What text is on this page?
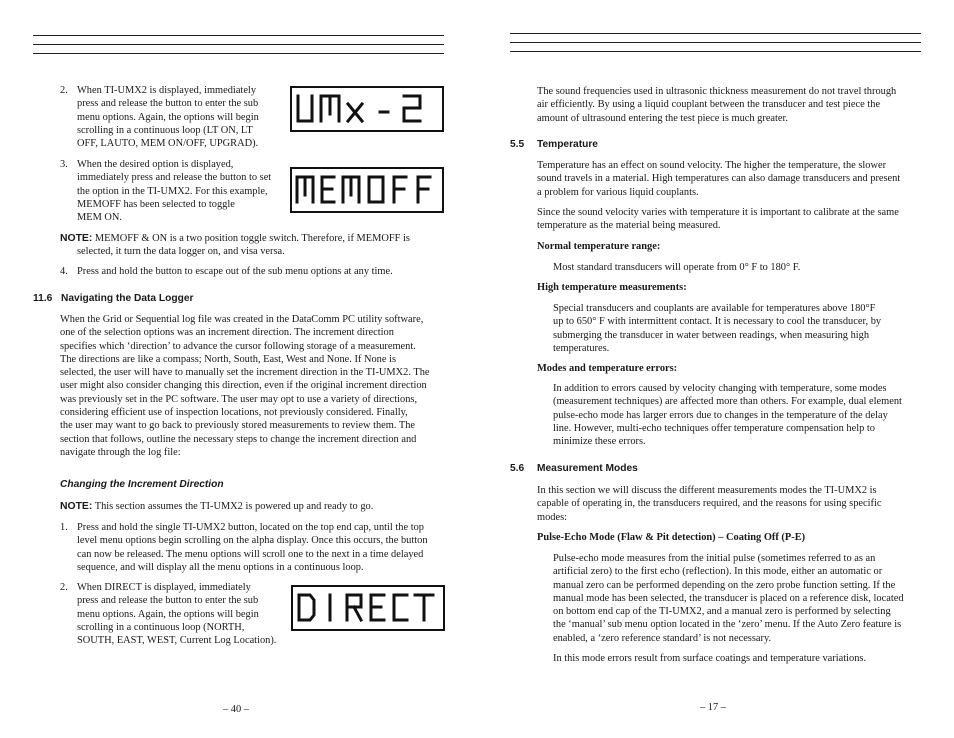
2. When TI-UMX2 is displayed, immediately

press and release the button to enter the sub

menu options. Again, the options will begin

scrolling in a continuous loop (LT ON, LT

OFF, LAUTO, MEM ON/OFF, UPGRAD).

UMX-2
3. When the desired option is displayed,

immediately press and release the button to set

the option in the TI-UMX2. For this example,

MEMOFF has been selected to toggle

MEM ON.

MEMOFF

NOTE: MEMOFF & ON is a two position toggle switch. Therefore, if MEMOFF is

selected, it turn the data logger on, and visa versa.

4. Press and hold the button to escape out of the sub menu options at any time.
11.6 Navigating the Data Logger

When the Grid or Sequential log file was created in the DataComm PC utility software,

one of the selection options was an increment direction. The increment direction

specifies which ‘direction’ to advance the cursor following storage of a measurement.

The directions are like a compass; North, South, East, West and None. If None is

selected, the user will have to manually set the increment direction in the TI-UMX2. The

user might also consider changing this direction, even if the original increment direction

was previously set in the PC software. The user may opt to use a variety of directions,

considering efficient use of inspection locations, not previously considered. Finally,

the user may want to go back to previously stored measurements to review them. The

section that follows, outline the necessary steps to change the increment direction and

navigate through the log file:

Changing the Increment Direction
NOTE: This section assumes the TI-UMX2 is powered up and ready to go.
1. Press and hold the single TI-UMX2 button, located on the top end cap, until the top

level menu options begin scrolling on the alpha display. Once this occurs, the button

can now be released. The menu options will scroll one to the next in a time delayed

sequence, and will display all the menu options in a continuous loop.

2. When DIRECT is displayed, immediately

press and release the button to enter the sub

menu options. Again, the options will begin

scrolling in a continuous loop (NORTH,

SOUTH, EAST, WEST, Current Log Location).

DIRECT
– 40 –

The sound frequencies used in ultrasonic thickness measurement do not travel through

air efficiently. By using a liquid couplant between the transducer and test piece the

amount of ultrasound entering the test piece is much greater.

5.5 Temperature

Temperature has an effect on sound velocity. The higher the temperature, the slower

sound travels in a material. High temperatures can also damage transducers and present

a problem for various liquid couplants.

Since the sound velocity varies with temperature it is important to calibrate at the same

temperature as the material being measured.

Normal temperature range:
Most standard transducers will operate from 0° F to 180° F.
High temperature measurements:

Special transducers and couplants are available for temperatures above 180°F

up to 650° F with intermittent contact. It is necessary to cool the transducer, by

submerging the transducer in water between readings, when measuring high

temperatures.

Modes and temperature errors:

In addition to errors caused by velocity changing with temperature, some modes

(measurement techniques) are affected more than others. For example, dual element

pulse-echo mode has larger errors due to changes in the temperature of the delay

line. However, multi-echo techniques offer temperature compensation help to

minimize these errors.

5.6 Measurement Modes

In this section we will discuss the different measurements modes the TI-UMX2 is

capable of operating in, the transducers required, and the reasons for using specific

modes:

Pulse-Echo Mode (Flaw & Pit detection) – Coating Off (P-E)

Pulse-echo mode measures from the initial pulse (sometimes referred to as an

artificial zero) to the first echo (reflection). In this mode, either an automatic or

manual zero can be performed depending on the zero probe function setting. If the

manual mode has been selected, the transducer is placed on a reference disk, located

on bottom end cap of the TI-UMX2, and a manual zero is performed by selecting

the ‘manual’ sub menu option located in the ‘zero’ menu. If the Auto Zero feature is

enabled, a ‘zero reference standard’ is not necessary.

In this mode errors result from surface coatings and temperature variations.
– 17 –
